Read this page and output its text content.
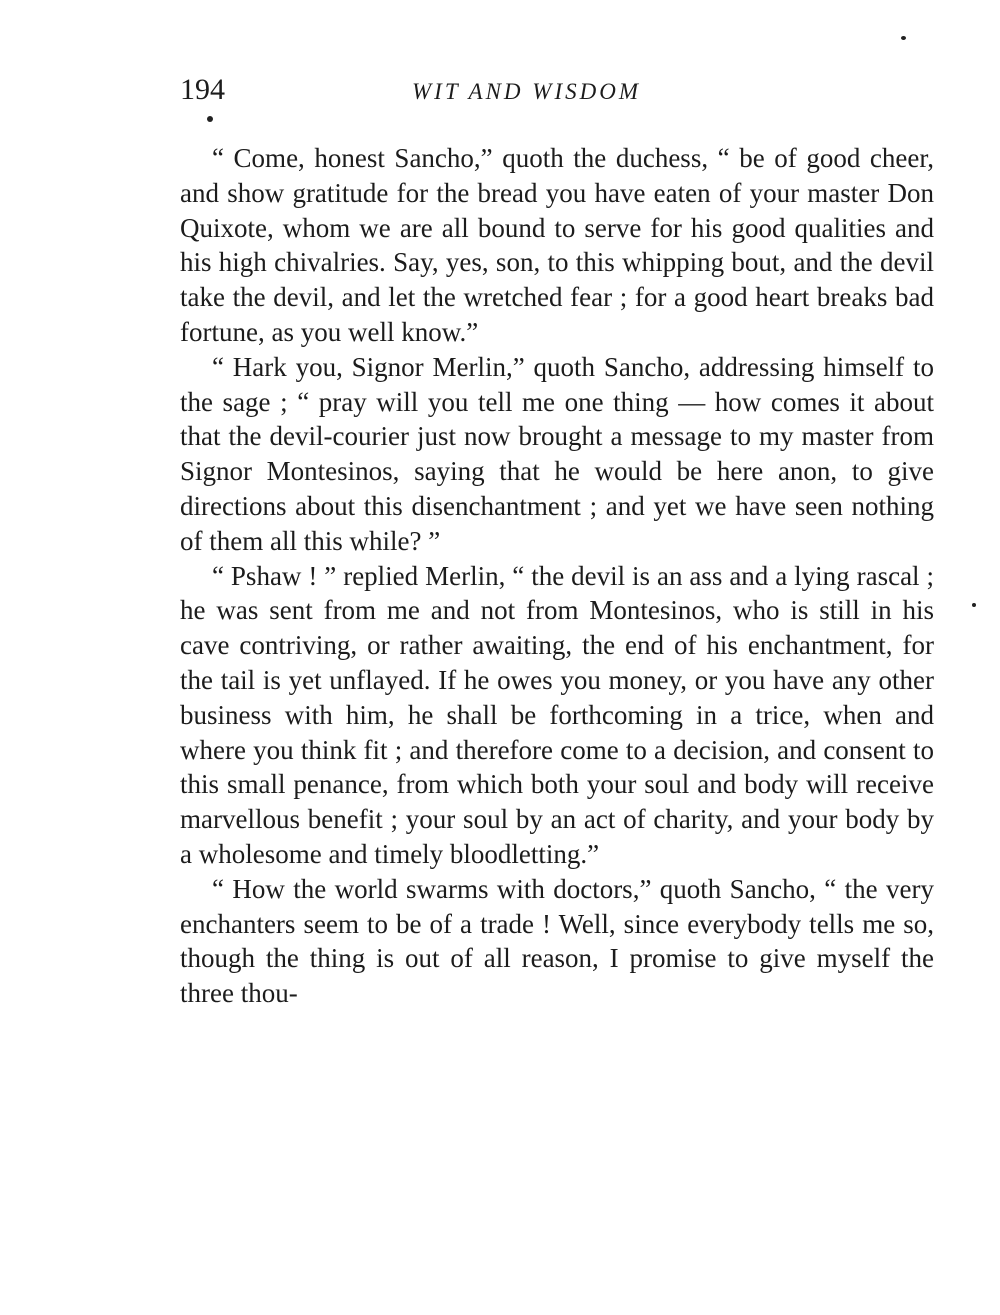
194	WIT AND WISDOM

“ Come, honest Sancho,” quoth the duchess, “ be of good cheer, and show gratitude for the bread you have eaten of your master Don Quixote, whom we are all bound to serve for his good qualities and his high chivalries. Say, yes, son, to this whipping bout, and the devil take the devil, and let the wretched fear ; for a good heart breaks bad fortune, as you well know.”

“ Hark you, Signor Merlin,” quoth Sancho, addressing himself to the sage ; “ pray will you tell me one thing — how comes it about that the devil-courier just now brought a message to my master from Signor Montesinos, saying that he would be here anon, to give directions about this disenchantment ; and yet we have seen nothing of them all this while? ”

“ Pshaw ! ” replied Merlin, “ the devil is an ass and a lying rascal ; he was sent from me and not from Montesinos, who is still in his cave contriving, or rather awaiting, the end of his enchantment, for the tail is yet unflayed. If he owes you money, or you have any other business with him, he shall be forthcoming in a trice, when and where you think fit ; and therefore come to a decision, and consent to this small penance, from which both your soul and body will receive marvellous benefit ; your soul by an act of charity, and your body by a wholesome and timely bloodletting.”

“ How the world swarms with doctors,” quoth Sancho, “ the very enchanters seem to be of a trade ! Well, since everybody tells me so, though the thing is out of all reason, I promise to give myself the three thou-
